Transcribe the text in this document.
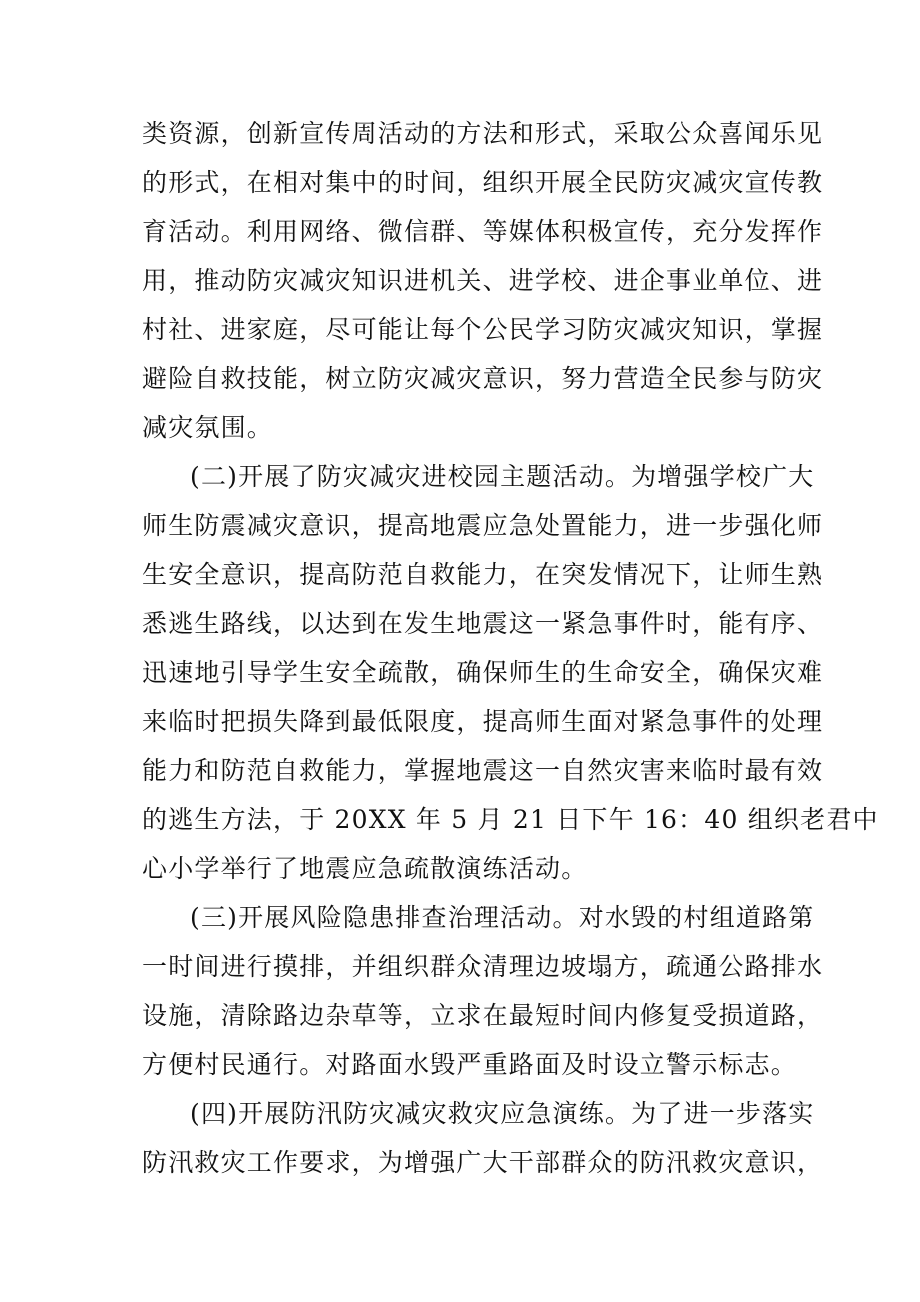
类资源，创新宣传周活动的方法和形式，采取公众喜闻乐见
的形式，在相对集中的时间，组织开展全民防灾减灾宣传教
育活动。利用网络、微信群、等媒体积极宣传，充分发挥作
用，推动防灾减灾知识进机关、进学校、进企事业单位、进
村社、进家庭，尽可能让每个公民学习防灾减灾知识，掌握
避险自救技能，树立防灾减灾意识，努力营造全民参与防灾
减灾氛围。
(二)开展了防灾减灾进校园主题活动。为增强学校广大
师生防震减灾意识，提高地震应急处置能力，进一步强化师
生安全意识，提高防范自救能力，在突发情况下，让师生熟
悉逃生路线，以达到在发生地震这一紧急事件时，能有序、
迅速地引导学生安全疏散，确保师生的生命安全，确保灾难
来临时把损失降到最低限度，提高师生面对紧急事件的处理
能力和防范自救能力，掌握地震这一自然灾害来临时最有效
的逃生方法，于 20XX 年 5 月 21 日下午 16：40 组织老君中
心小学举行了地震应急疏散演练活动。
(三)开展风险隐患排查治理活动。对水毁的村组道路第
一时间进行摸排，并组织群众清理边坡塌方，疏通公路排水
设施，清除路边杂草等，立求在最短时间内修复受损道路，
方便村民通行。对路面水毁严重路面及时设立警示标志。
(四)开展防汛防灾减灾救灾应急演练。为了进一步落实
防汛救灾工作要求，为增强广大干部群众的防汛救灾意识，
